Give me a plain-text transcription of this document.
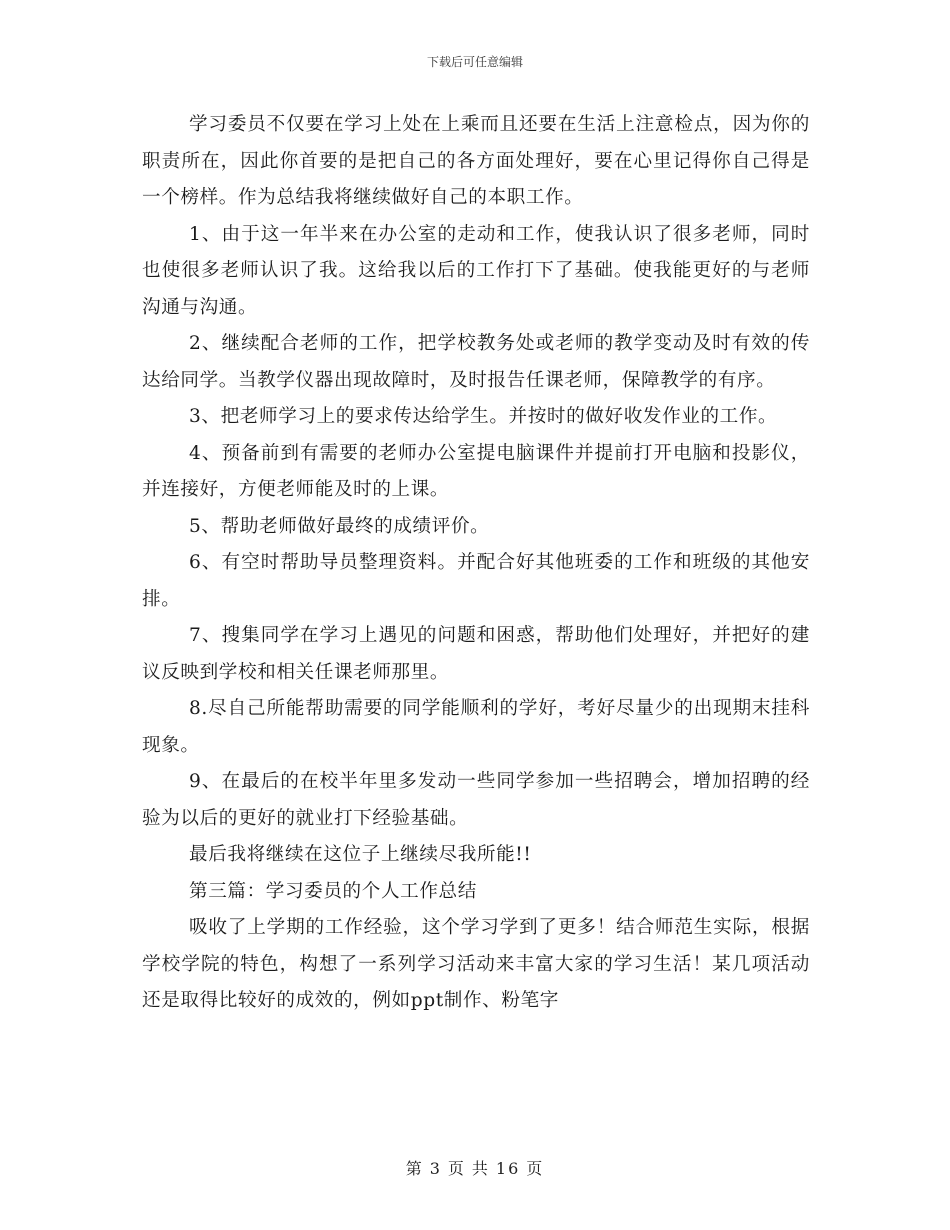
下载后可任意编辑

学习委员不仅要在学习上处在上乘而且还要在生活上注意检点，因为你的职责所在，因此你首要的是把自己的各方面处理好，要在心里记得你自己得是一个榜样。作为总结我将继续做好自己的本职工作。

1、由于这一年半来在办公室的走动和工作，使我认识了很多老师，同时也使很多老师认识了我。这给我以后的工作打下了基础。使我能更好的与老师沟通与沟通。

2、继续配合老师的工作，把学校教务处或老师的教学变动及时有效的传达给同学。当教学仪器出现故障时，及时报告任课老师，保障教学的有序。

3、把老师学习上的要求传达给学生。并按时的做好收发作业的工作。

4、预备前到有需要的老师办公室提电脑课件并提前打开电脑和投影仪，并连接好，方便老师能及时的上课。

5、帮助老师做好最终的成绩评价。

6、有空时帮助导员整理资料。并配合好其他班委的工作和班级的其他安排。

7、搜集同学在学习上遇见的问题和困惑，帮助他们处理好，并把好的建议反映到学校和相关任课老师那里。

8.尽自己所能帮助需要的同学能顺利的学好，考好尽量少的出现期末挂科现象。

9、在最后的在校半年里多发动一些同学参加一些招聘会，增加招聘的经验为以后的更好的就业打下经验基础。

最后我将继续在这位子上继续尽我所能!!

第三篇：学习委员的个人工作总结

吸收了上学期的工作经验，这个学习学到了更多！结合师范生实际，根据学校学院的特色，构想了一系列学习活动来丰富大家的学习生活！某几项活动还是取得比较好的成效的，例如ppt制作、粉笔字

第 3 页 共 16 页
